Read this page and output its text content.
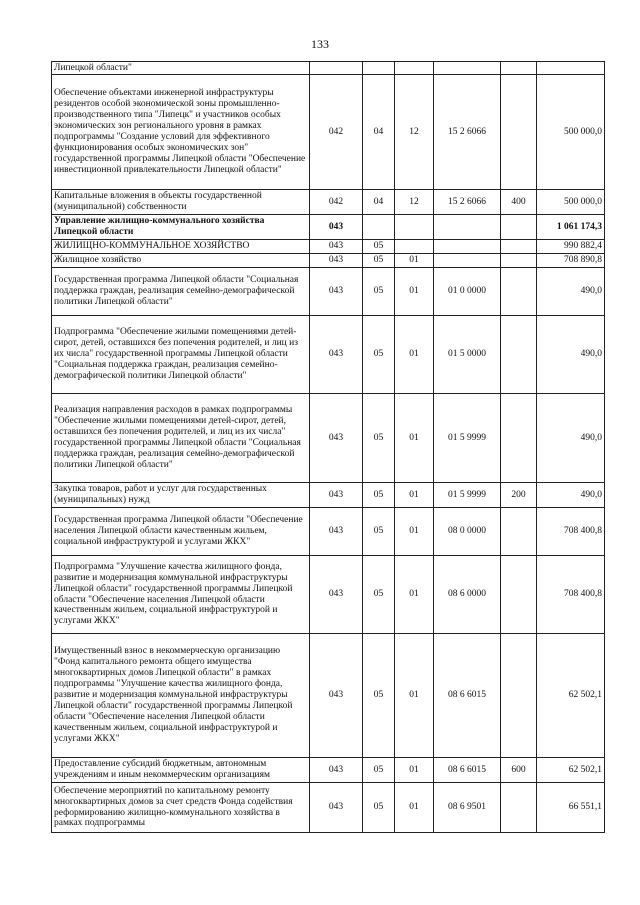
133
Липецкой области"						
Обеспечение объектами инженерной инфраструктуры резидентов особой экономической зоны промышленно-производственного типа "Липецк" и участников особых экономических зон регионального уровня в рамках подпрограммы "Создание условий для эффективного функционирования особых экономических зон" государственной программы Липецкой области "Обеспечение инвестиционной привлекательности Липецкой области"	042	04	12	15 2 6066		500 000,0
Капитальные вложения в объекты государственной (муниципальной) собственности	042	04	12	15 2 6066	400	500 000,0
Управление жилищно-коммунального хозяйства Липецкой области	043					1 061 174,3
ЖИЛИЩНО-КОММУНАЛЬНОЕ ХОЗЯЙСТВО	043	05				990 882,4
Жилищное хозяйство	043	05	01			708 890,8
Государственная программа Липецкой области "Социальная поддержка граждан, реализация семейно-демографической политики Липецкой области"	043	05	01	01 0 0000		490,0
Подпрограмма "Обеспечение жилыми помещениями детей-сирот, детей, оставшихся без попечения родителей, и лиц из их числа" государственной программы Липецкой области "Социальная поддержка граждан, реализация семейно-демографической политики Липецкой области"	043	05	01	01 5 0000		490,0
Реализация направления расходов в рамках подпрограммы "Обеспечение жилыми помещениями детей-сирот, детей, оставшихся без попечения родителей, и лиц из их числа" государственной программы Липецкой области "Социальная поддержка граждан, реализация семейно-демографической политики Липецкой области"	043	05	01	01 5 9999		490,0
Закупка товаров, работ и услуг для государственных (муниципальных) нужд	043	05	01	01 5 9999	200	490,0
Государственная программа Липецкой области "Обеспечение населения Липецкой области качественным жильем, социальной инфраструктурой и услугами ЖКХ"	043	05	01	08 0 0000		708 400,8
Подпрограмма "Улучшение качества жилищного фонда, развитие и модернизация коммунальной инфраструктуры Липецкой области" государственной программы Липецкой области "Обеспечение населения Липецкой области качественным жильем, социальной инфраструктурой и услугами ЖКХ"	043	05	01	08 6 0000		708 400,8
Имущественный взнос в некоммерческую организацию "Фонд капитального ремонта общего имущества многоквартирных домов Липецкой области" в рамках подпрограммы "Улучшение качества жилищного фонда, развитие и модернизация коммунальной инфраструктуры Липецкой области" государственной программы Липецкой области "Обеспечение населения Липецкой области качественным жильем, социальной инфраструктурой и услугами ЖКХ"	043	05	01	08 6 6015		62 502,1
Предоставление субсидий бюджетным, автономным учреждениям и иным некоммерческим организациям	043	05	01	08 6 6015	600	62 502,1
Обеспечение мероприятий по капитальному ремонту многоквартирных домов за счет средств Фонда содействия реформированию жилищно-коммунального хозяйства в рамках подпрограммы	043	05	01	08 6 9501		66 551,1
